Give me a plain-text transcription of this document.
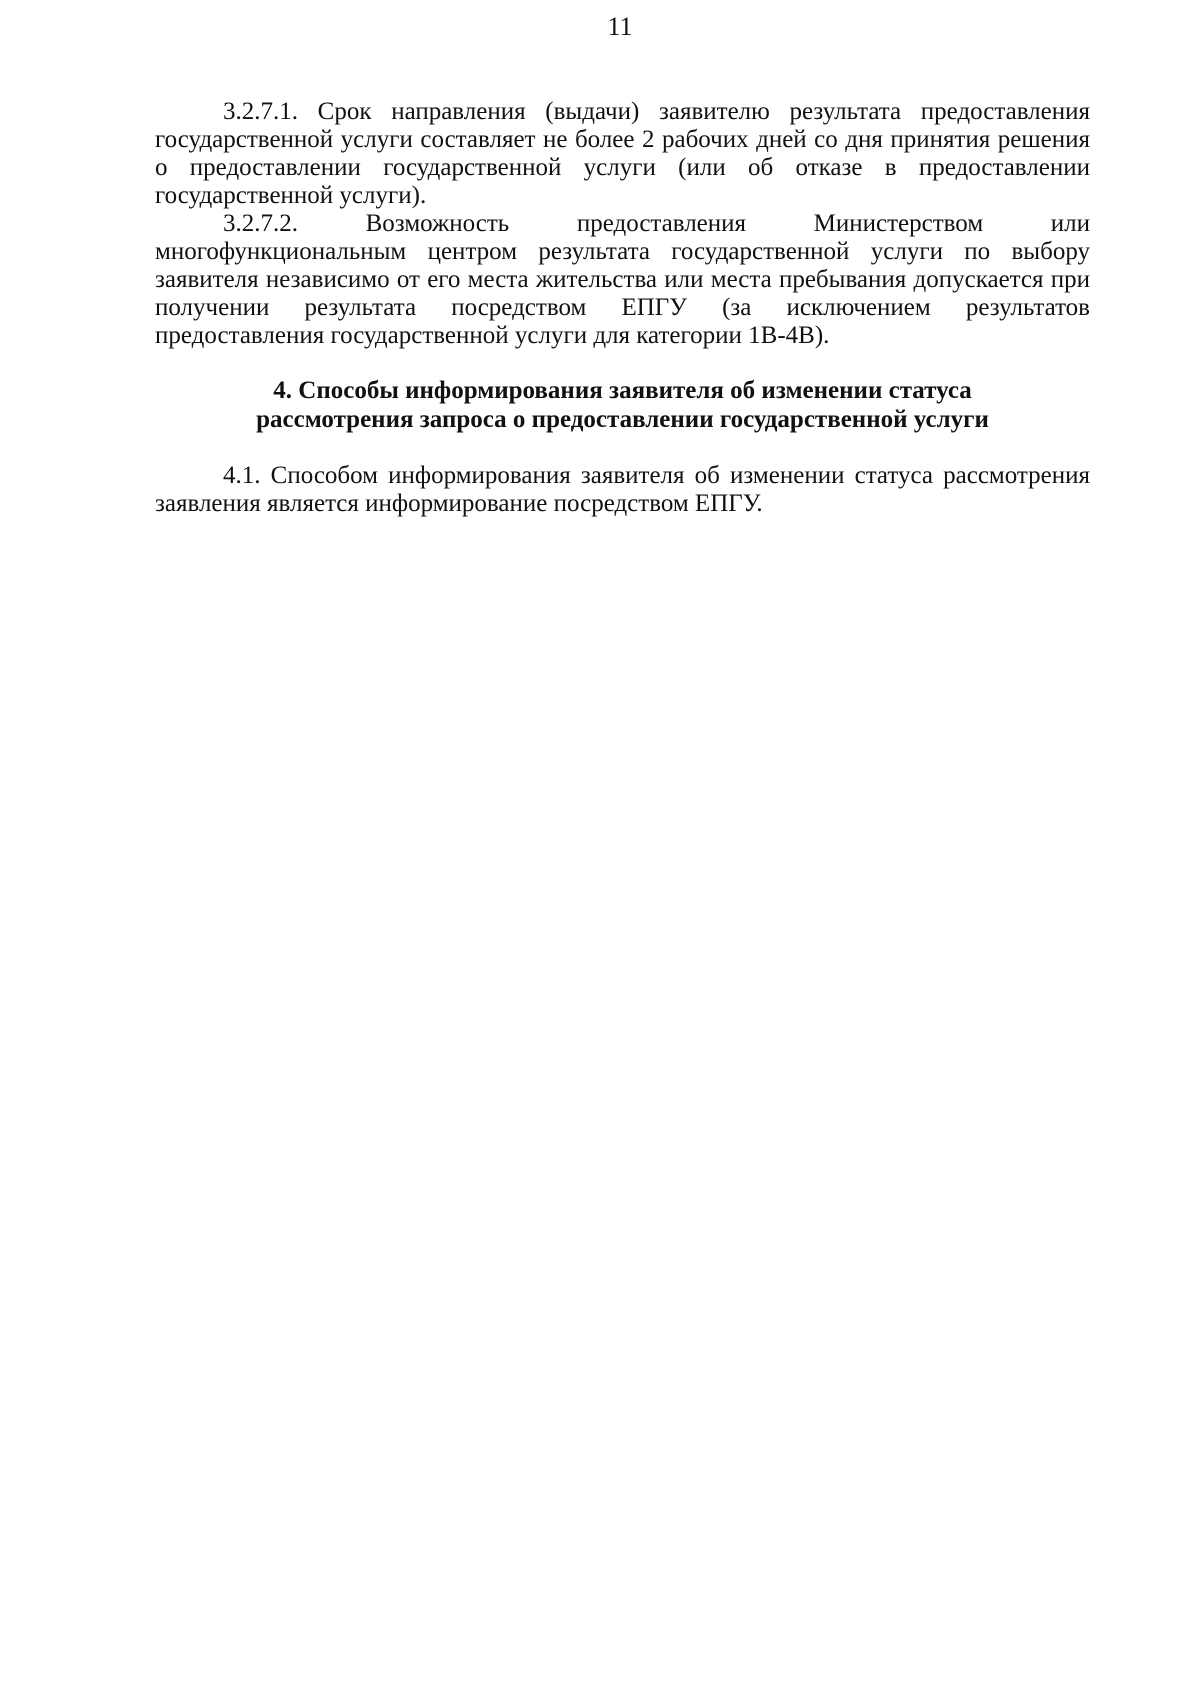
11

3.2.7.1. Срок направления (выдачи) заявителю результата предоставления государственной услуги составляет не более 2 рабочих дней со дня принятия решения о предоставлении государственной услуги (или об отказе в предоставлении государственной услуги).

3.2.7.2. Возможность предоставления Министерством или многофункциональным центром результата государственной услуги по выбору заявителя независимо от его места жительства или места пребывания допускается при получении результата посредством ЕПГУ (за исключением результатов предоставления государственной услуги для категории 1В-4В).

4. Способы информирования заявителя об изменении статуса
рассмотрения запроса о предоставлении государственной услуги

4.1. Способом информирования заявителя об изменении статуса рассмотрения заявления является информирование посредством ЕПГУ.
